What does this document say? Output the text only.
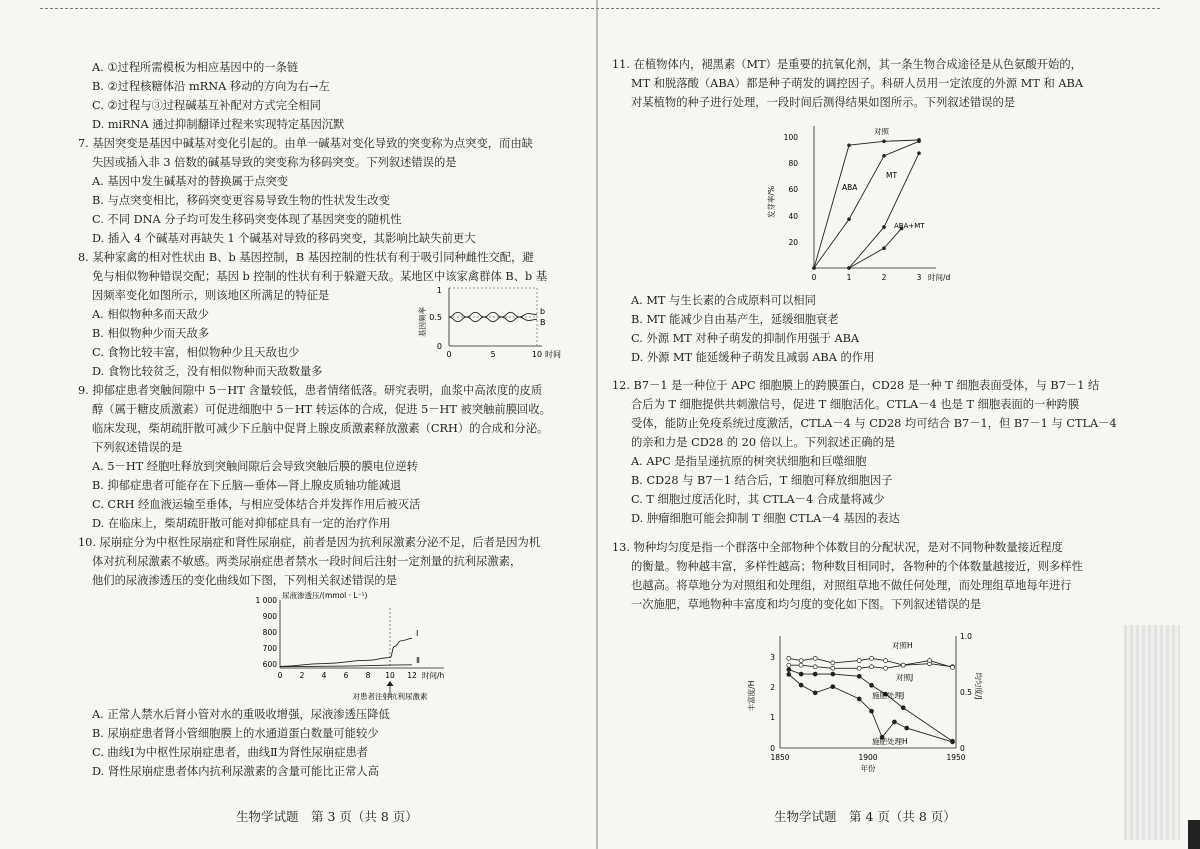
A. ①过程所需模板为相应基因中的一条链

B. ②过程核糖体沿 mRNA 移动的方向为右→左

C. ②过程与③过程碱基互补配对方式完全相同

D. miRNA 通过抑制翻译过程来实现特定基因沉默

7. 基因突变是基因中碱基对变化引起的。由单一碱基对变化导致的突变称为点突变，而由缺

失因或插入非 3 倍数的碱基导致的突变称为移码突变。下列叙述错误的是

A. 基因中发生碱基对的替换属于点突变

B. 与点突变相比，移码突变更容易导致生物的性状发生改变

C. 不同 DNA 分子均可发生移码突变体现了基因突变的随机性

D. 插入 4 个碱基对再缺失 1 个碱基对导致的移码突变，其影响比缺失前更大

8. 某种家禽的相对性状由 B、b 基因控制，B 基因控制的性状有利于吸引同种雌性交配，避

免与相似物种错误交配；基因 b 控制的性状有利于躲避天敌。某地区中该家禽群体 B、b 基

因频率变化如图所示，则该地区所满足的特征是

A. 相似物种多而天敌少

B. 相似物种少而天敌多

C. 食物比较丰富，相似物种少且天敌也少

D. 食物比较贫乏，没有相似物种而天敌数量多

基因频率
1
0.5
0
b
B
0	5	10 时间

9. 抑郁症患者突触间隙中 5－HT 含量较低，患者情绪低落。研究表明，血浆中高浓度的皮质

醇（属于糖皮质激素）可促进细胞中 5－HT 转运体的合成，促进 5－HT 被突触前膜回收。

临床发现，柴胡疏肝散可减少下丘脑中促肾上腺皮质激素释放激素（CRH）的合成和分泌。

下列叙述错误的是

A. 5－HT 经胞吐释放到突触间隙后会导致突触后膜的膜电位逆转

B. 抑郁症患者可能存在下丘脑—垂体—肾上腺皮质轴功能减退

C. CRH 经血液运输至垂体，与相应受体结合并发挥作用后被灭活

D. 在临床上，柴胡疏肝散可能对抑郁症具有一定的治疗作用

10. 尿崩症分为中枢性尿崩症和肾性尿崩症，前者是因为抗利尿激素分泌不足，后者是因为机

体对抗利尿激素不敏感。两类尿崩症患者禁水一段时间后注射一定剂量的抗利尿激素，

他们的尿液渗透压的变化曲线如下图，下列相关叙述错误的是

尿液渗透压/(mmol · L⁻¹)
1 000
900
800
700
600
0 2 4 6 8 10 12 时间/h
Ⅰ
Ⅱ
对患者注射抗利尿激素

A. 正常人禁水后肾小管对水的重吸收增强，尿液渗透压降低

B. 尿崩症患者肾小管细胞膜上的水通道蛋白数量可能较少

C. 曲线Ⅰ为中枢性尿崩症患者，曲线Ⅱ为肾性尿崩症患者

D. 肾性尿崩症患者体内抗利尿激素的含量可能比正常人高

生物学试题　第 3 页（共 8 页）

11. 在植物体内，褪黑素（MT）是重要的抗氧化剂，其一条生物合成途径是从色氨酸开始的，

MT 和脱落酸（ABA）都是种子萌发的调控因子。科研人员用一定浓度的外源 MT 和 ABA

对某植物的种子进行处理，一段时间后测得结果如图所示。下列叙述错误的是

发芽率/%
100
80
60
40
20
0	1	2	3 时间/d
对照
MT
ABA
ABA+MT

A. MT 与生长素的合成原料可以相同

B. MT 能减少自由基产生，延缓细胞衰老

C. 外源 MT 对种子萌发的抑制作用强于 ABA

D. 外源 MT 能延缓种子萌发且减弱 ABA 的作用

12. B7－1 是一种位于 APC 细胞膜上的跨膜蛋白，CD28 是一种 T 细胞表面受体，与 B7－1 结

合后为 T 细胞提供共刺激信号，促进 T 细胞活化。CTLA－4 也是 T 细胞表面的一种跨膜

受体，能防止免疫系统过度激活，CTLA－4 与 CD28 均可结合 B7－1，但 B7－1 与 CTLA－4

的亲和力是 CD28 的 20 倍以上。下列叙述正确的是

A. APC 是指呈递抗原的树突状细胞和巨噬细胞

B. CD28 与 B7－1 结合后，T 细胞可释放细胞因子

C. T 细胞过度活化时，其 CTLA－4 合成量将减少

D. 肿瘤细胞可能会抑制 T 细胞 CTLA－4 基因的表达

13. 物种均匀度是指一个群落中全部物种个体数目的分配状况，是对不同物种数量接近程度

的衡量。物种越丰富，多样性越高；物种数目相同时，各物种的个体数量越接近，则多样性

也越高。将草地分为对照组和处理组，对照组草地不做任何处理，而处理组草地每年进行

一次施肥，草地物种丰富度和均匀度的变化如下图。下列叙述错误的是

丰富度/H	均匀度/J
3
2
1
0
1.0
0.5
0
1850	1900	1950
年份
对照H
对照J
施肥处理J
施肥处理H

生物学试题　第 4 页（共 8 页）
